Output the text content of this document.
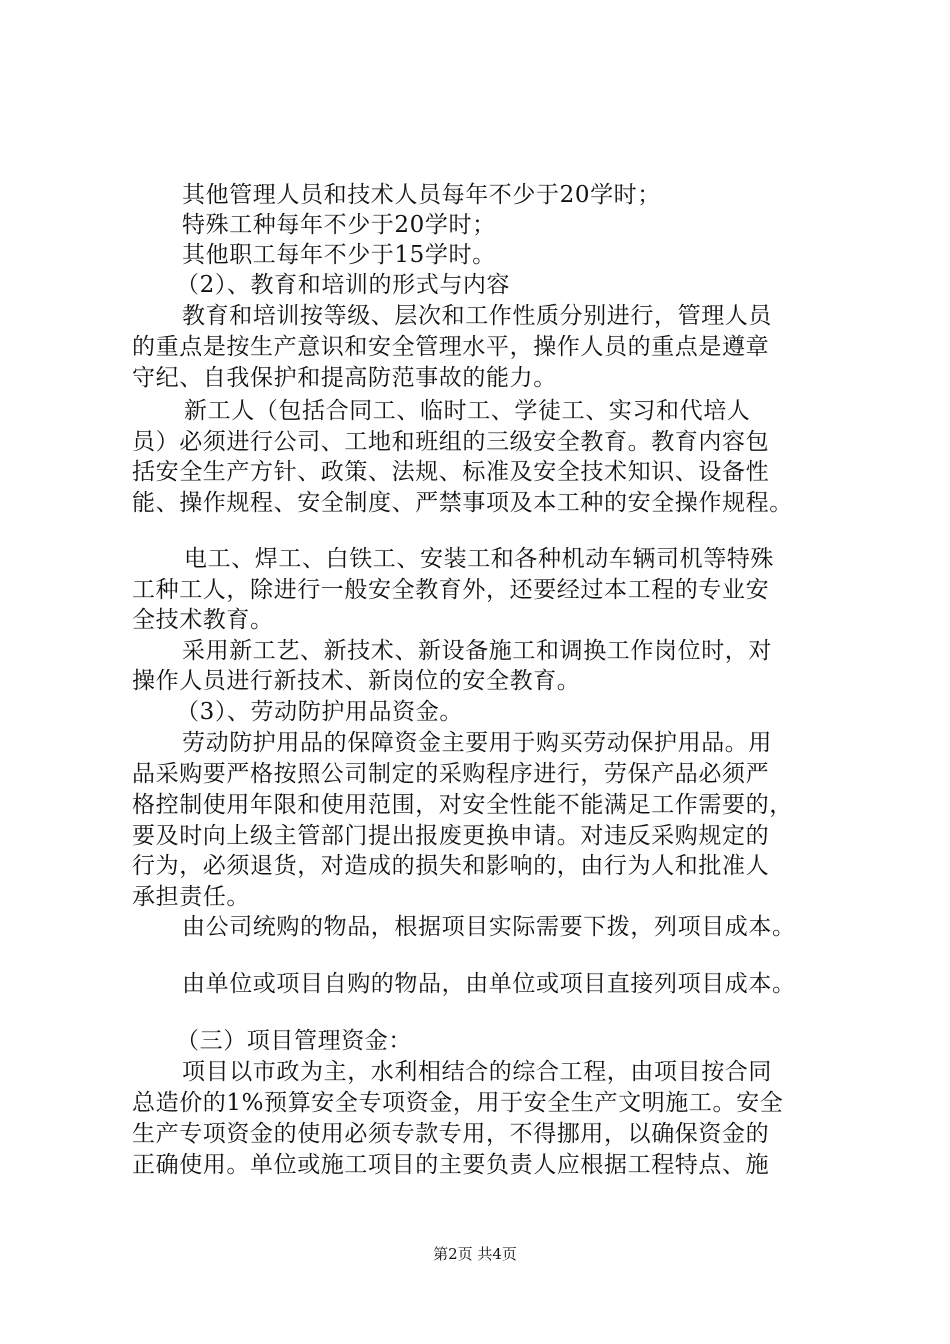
其他管理人员和技术人员每年不少于20学时；
特殊工种每年不少于20学时；
其他职工每年不少于15学时。
（2）、教育和培训的形式与内容
教育和培训按等级、层次和工作性质分别进行，管理人员
的重点是按生产意识和安全管理水平，操作人员的重点是遵章
守纪、自我保护和提高防范事故的能力。
新工人（包括合同工、临时工、学徒工、实习和代培人
员）必须进行公司、工地和班组的三级安全教育。教育内容包
括安全生产方针、政策、法规、标准及安全技术知识、设备性
能、操作规程、安全制度、严禁事项及本工种的安全操作规程。
电工、焊工、白铁工、安装工和各种机动车辆司机等特殊
工种工人，除进行一般安全教育外，还要经过本工程的专业安
全技术教育。
采用新工艺、新技术、新设备施工和调换工作岗位时，对
操作人员进行新技术、新岗位的安全教育。
（3）、劳动防护用品资金。
劳动防护用品的保障资金主要用于购买劳动保护用品。用
品采购要严格按照公司制定的采购程序进行，劳保产品必须严
格控制使用年限和使用范围，对安全性能不能满足工作需要的，
要及时向上级主管部门提出报废更换申请。对违反采购规定的
行为，必须退货，对造成的损失和影响的，由行为人和批准人
承担责任。
由公司统购的物品，根据项目实际需要下拨，列项目成本。
由单位或项目自购的物品，由单位或项目直接列项目成本。
（三）项目管理资金：
项目以市政为主，水利相结合的综合工程，由项目按合同
总造价的1%预算安全专项资金，用于安全生产文明施工。安全
生产专项资金的使用必须专款专用，不得挪用，以确保资金的
正确使用。单位或施工项目的主要负责人应根据工程特点、施
第2页 共4页
